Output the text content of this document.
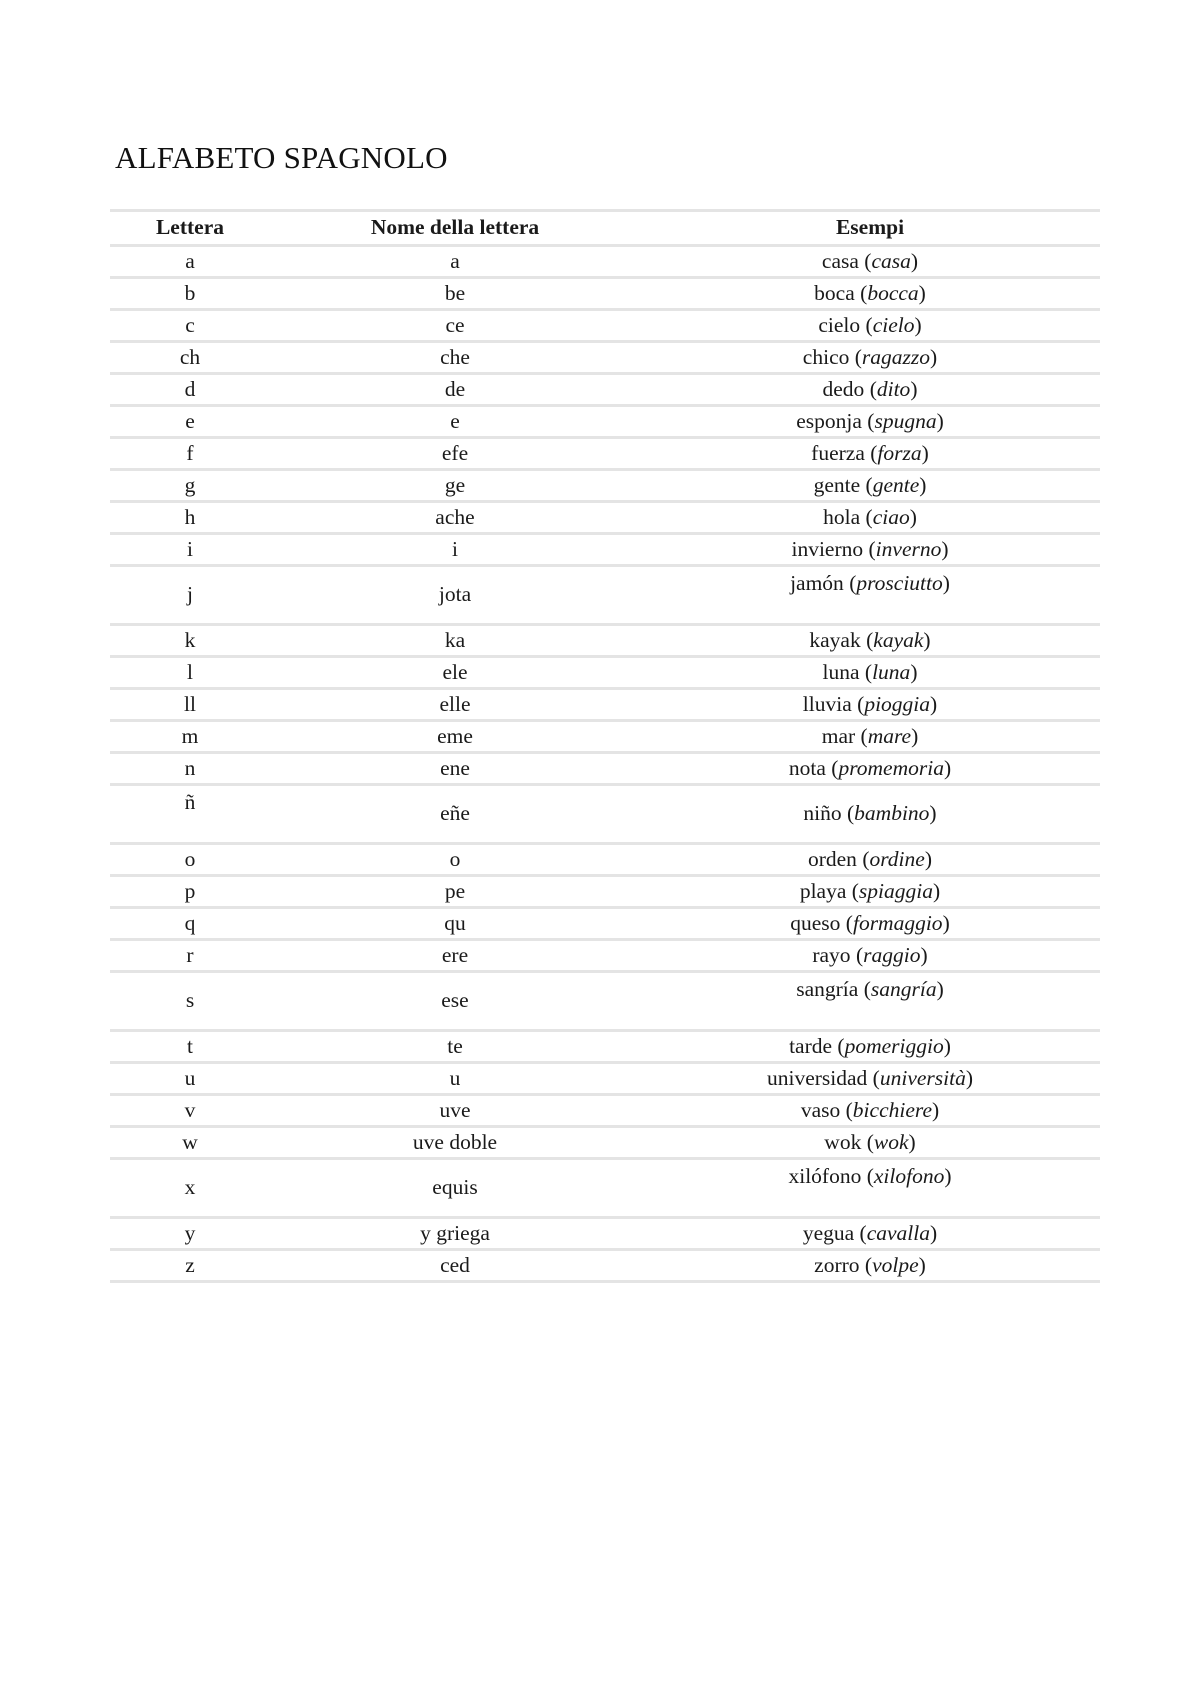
ALFABETO SPAGNOLO
Lettera	Nome della lettera	Esempi
a	a	casa ( casa )
b	be	boca ( bocca )
c	ce	cielo ( cielo )
ch	che	chico ( ragazzo )
d	de	dedo ( dito )
e	e	esponja ( spugna )
f	efe	fuerza ( forza )
g	ge	gente ( gente )
h	ache	hola ( ciao )
i	i	invierno ( inverno )
j	jota	jamón ( prosciutto )
k	ka	kayak ( kayak )
l	ele	luna ( luna )
ll	elle	lluvia ( pioggia )
m	eme	mar ( mare )
n	ene	nota ( promemoria )
ñ	eñe	niño ( bambino )
o	o	orden ( ordine )
p	pe	playa ( spiaggia )
q	qu	queso ( formaggio )
r	ere	rayo ( raggio )
s	ese	sangría ( sangría )
t	te	tarde ( pomeriggio )
u	u	universidad ( università )
v	uve	vaso ( bicchiere )
w	uve doble	wok ( wok )
x	equis	xilófono ( xilofono )
y	y griega	yegua ( cavalla )
z	ced	zorro ( volpe )
